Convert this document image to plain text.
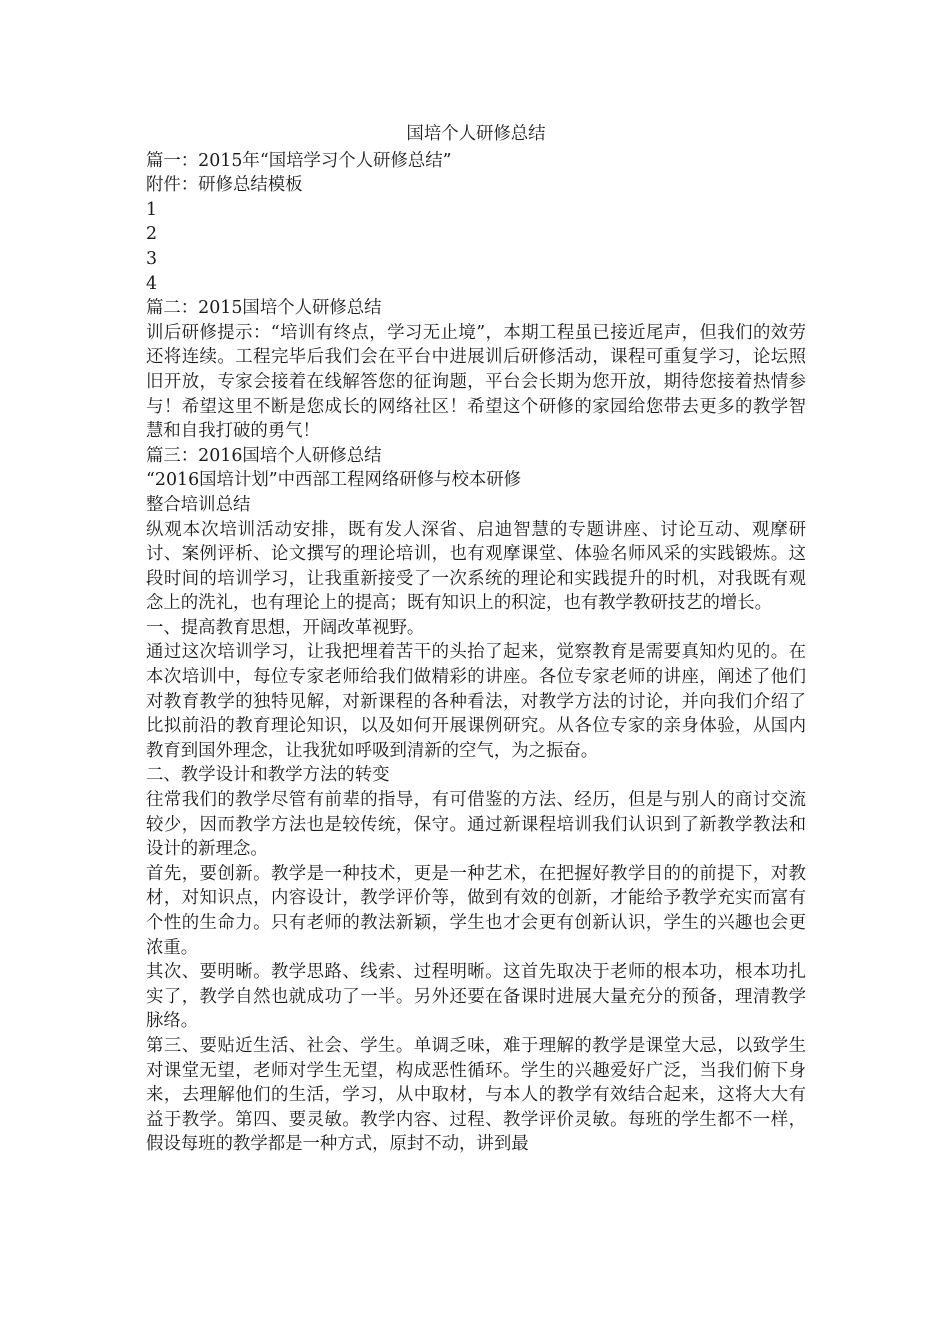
国培个人研修总结

篇一：2015年“国培学习个人研修总结”

附件：研修总结模板

1

2

3

4

篇二：2015国培个人研修总结

训后研修提示：“培训有终点，学习无止境”，本期工程虽已接近尾声，但我们的效劳还将连续。工程完毕后我们会在平台中进展训后研修活动，课程可重复学习，论坛照旧开放，专家会接着在线解答您的征询题，平台会长期为您开放，期待您接着热情参与！希望这里不断是您成长的网络社区！希望这个研修的家园给您带去更多的教学智慧和自我打破的勇气！

篇三：2016国培个人研修总结

“2016国培计划”中西部工程网络研修与校本研修

整合培训总结

纵观本次培训活动安排，既有发人深省、启迪智慧的专题讲座、讨论互动、观摩研讨、案例评析、论文撰写的理论培训，也有观摩课堂、体验名师风采的实践锻炼。这段时间的培训学习，让我重新接受了一次系统的理论和实践提升的时机，对我既有观念上的洗礼，也有理论上的提高；既有知识上的积淀，也有教学教研技艺的增长。

一、提高教育思想，开阔改革视野。

通过这次培训学习，让我把埋着苦干的头抬了起来，觉察教育是需要真知灼见的。在本次培训中，每位专家老师给我们做精彩的讲座。各位专家老师的讲座，阐述了他们对教育教学的独特见解，对新课程的各种看法，对教学方法的讨论，并向我们介绍了比拟前沿的教育理论知识，以及如何开展课例研究。从各位专家的亲身体验，从国内教育到国外理念，让我犹如呼吸到清新的空气，为之振奋。

二、教学设计和教学方法的转变

往常我们的教学尽管有前辈的指导，有可借鉴的方法、经历，但是与别人的商讨交流较少，因而教学方法也是较传统，保守。通过新课程培训我们认识到了新教学教法和设计的新理念。

首先，要创新。教学是一种技术，更是一种艺术，在把握好教学目的的前提下，对教材，对知识点，内容设计，教学评价等，做到有效的创新，才能给予教学充实而富有个性的生命力。只有老师的教法新颖，学生也才会更有创新认识，学生的兴趣也会更浓重。

其次、要明晰。教学思路、线索、过程明晰。这首先取决于老师的根本功，根本功扎实了，教学自然也就成功了一半。另外还要在备课时进展大量充分的预备，理清教学脉络。

第三、要贴近生活、社会、学生。单调乏味，难于理解的教学是课堂大忌，以致学生对课堂无望，老师对学生无望，构成恶性循环。学生的兴趣爱好广泛，当我们俯下身来，去理解他们的生活，学习，从中取材，与本人的教学有效结合起来，这将大大有益于教学。第四、要灵敏。教学内容、过程、教学评价灵敏。每班的学生都不一样，假设每班的教学都是一种方式，原封不动，讲到最
